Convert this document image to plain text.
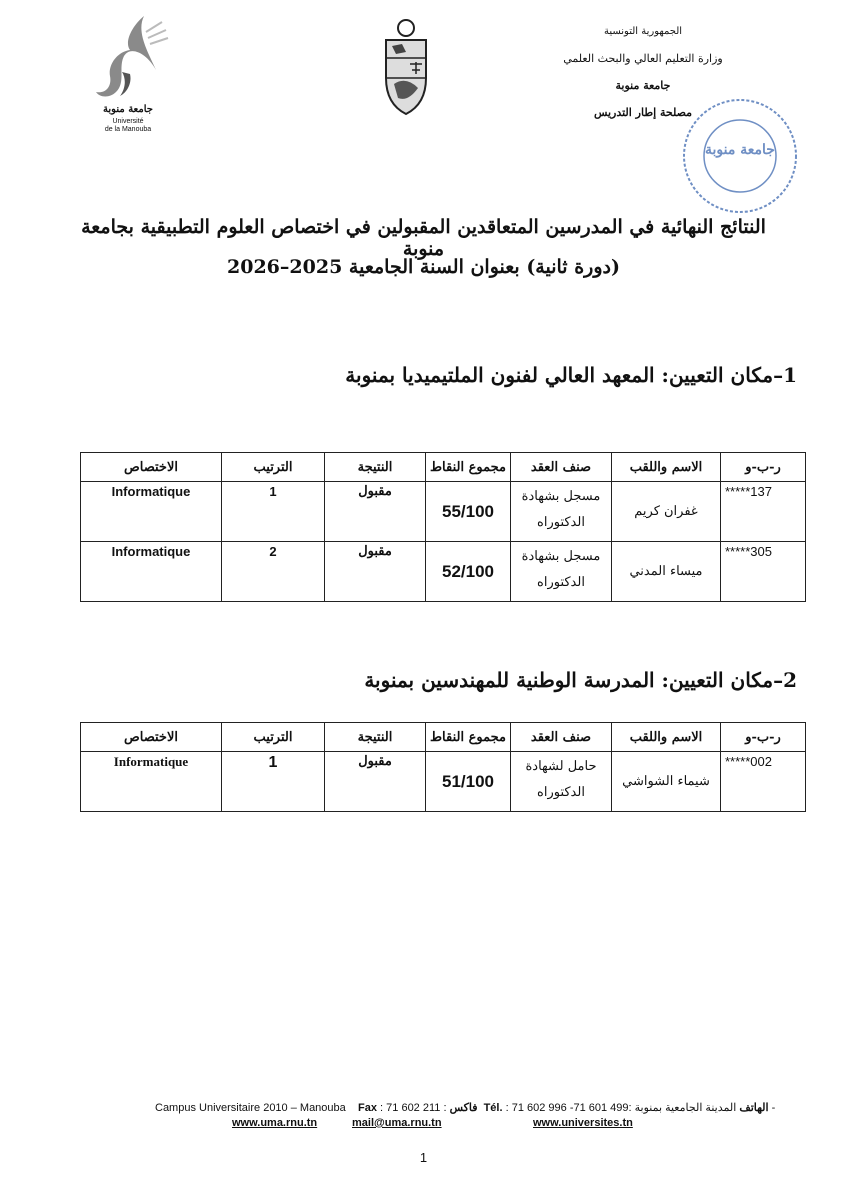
جامعة منوبة
Université
de la Manouba
الجمهورية التونسية
وزارة التعليم العالي والبحث العلمي
جامعة منوبة
مصلحة إطار التدريس
جامعة منوبة
النتائج النهائية في المدرسين المتعاقدين المقبولين في اختصاص العلوم التطبيقية بجامعة منوبة
(دورة ثانية) بعنوان السنة الجامعية 2025–2026
1–مكان التعيين: المعهد العالي لفنون الملتيميديا بمنوبة
ر-ب-و	الاسم واللقب	صنف العقد	مجموع النقاط	النتيجة	الترتيب	الاختصاص
*****137	غفران كريم	مسجل بشهادة الدكتوراه	55/100	مقبول	1	Informatique
*****305	ميساء المدني	مسجل بشهادة الدكتوراه	52/100	مقبول	2	Informatique
2–مكان التعيين: المدرسة الوطنية للمهندسين بمنوبة
ر-ب-و	الاسم واللقب	صنف العقد	مجموع النقاط	النتيجة	الترتيب	الاختصاص
*****002	شيماء الشواشي	حامل لشهادة الدكتوراه	51/100	مقبول	1	Informatique
Campus Universitaire 2010 – Manouba Fax : 71 602 211 : فاكس Tél. : 71 602 996 -71 601 499:	الهاتف المدينة الجامعية بمنوبة -
www.uma.rnu.tn	mail@uma.rnu.tn	www.universites.tn
1
